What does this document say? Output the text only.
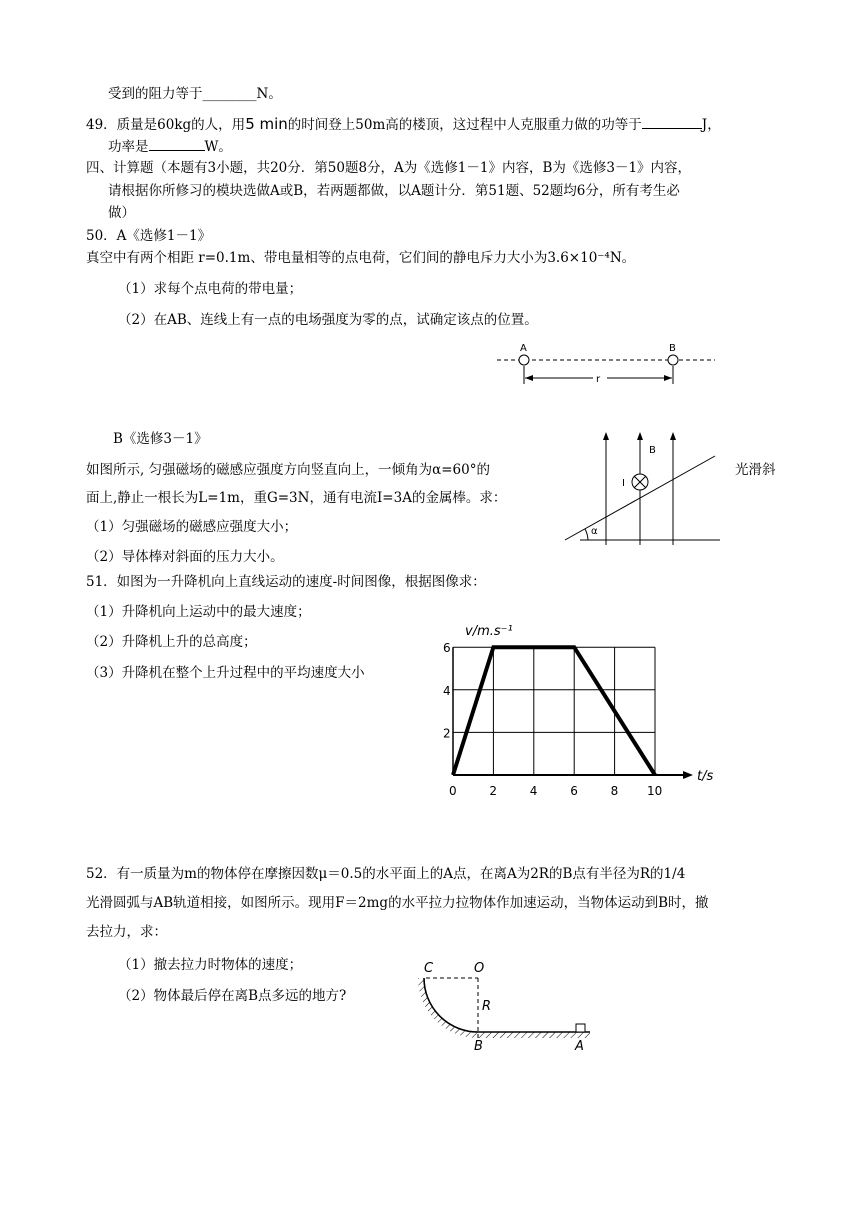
受到的阻力等于________N。
49．质量是60kg的人，用5 min的时间登上50m高的楼顶，这过程中人克服重力做的功等于	J，
功率是	W。
四、计算题（本题有3小题，共20分．第50题8分，A为《选修1－1》内容，B为《选修3－1》内容，
请根据你所修习的模块选做A或B，若两题都做，以A题计分．第51题、52题均6分，所有考生必
做）
50．A《选修1－1》
真空中有两个相距 r=0.1m、带电量相等的点电荷，它们间的静电斥力大小为3.6×10⁻⁴N。
（1）求每个点电荷的带电量；
（2）在AB、连线上有一点的电场强度为零的点，试确定该点的位置。
A	B
r
B《选修3－1》
如图所示, 匀强磁场的磁感应强度方向竖直向上，一倾角为α=60°的	光滑斜
面上,静止一根长为L=1m，重G=3N，通有电流I=3A的金属棒。求：
（1）匀强磁场的磁感应强度大小；
（2）导体棒对斜面的压力大小。
α
B
I
51．如图为一升降机向上直线运动的速度-时间图像，根据图像求：
（1）升降机向上运动中的最大速度；
（2）升降机上升的总高度；
（3）升降机在整个上升过程中的平均速度大小
0	2	4	6	8 10
2
4
6
t/s
v/m.s⁻¹
52．有一质量为m的物体停在摩擦因数μ＝0.5的水平面上的A点，在离A为2R的B点有半径为R的1/4
光滑圆弧与AB轨道相接，如图所示。现用F＝2mg的水平拉力拉物体作加速运动，当物体运动到B时，撤
去拉力，求：
（1）撤去拉力时物体的速度；
（2）物体最后停在离B点多远的地方?
C	O
R
B	A
